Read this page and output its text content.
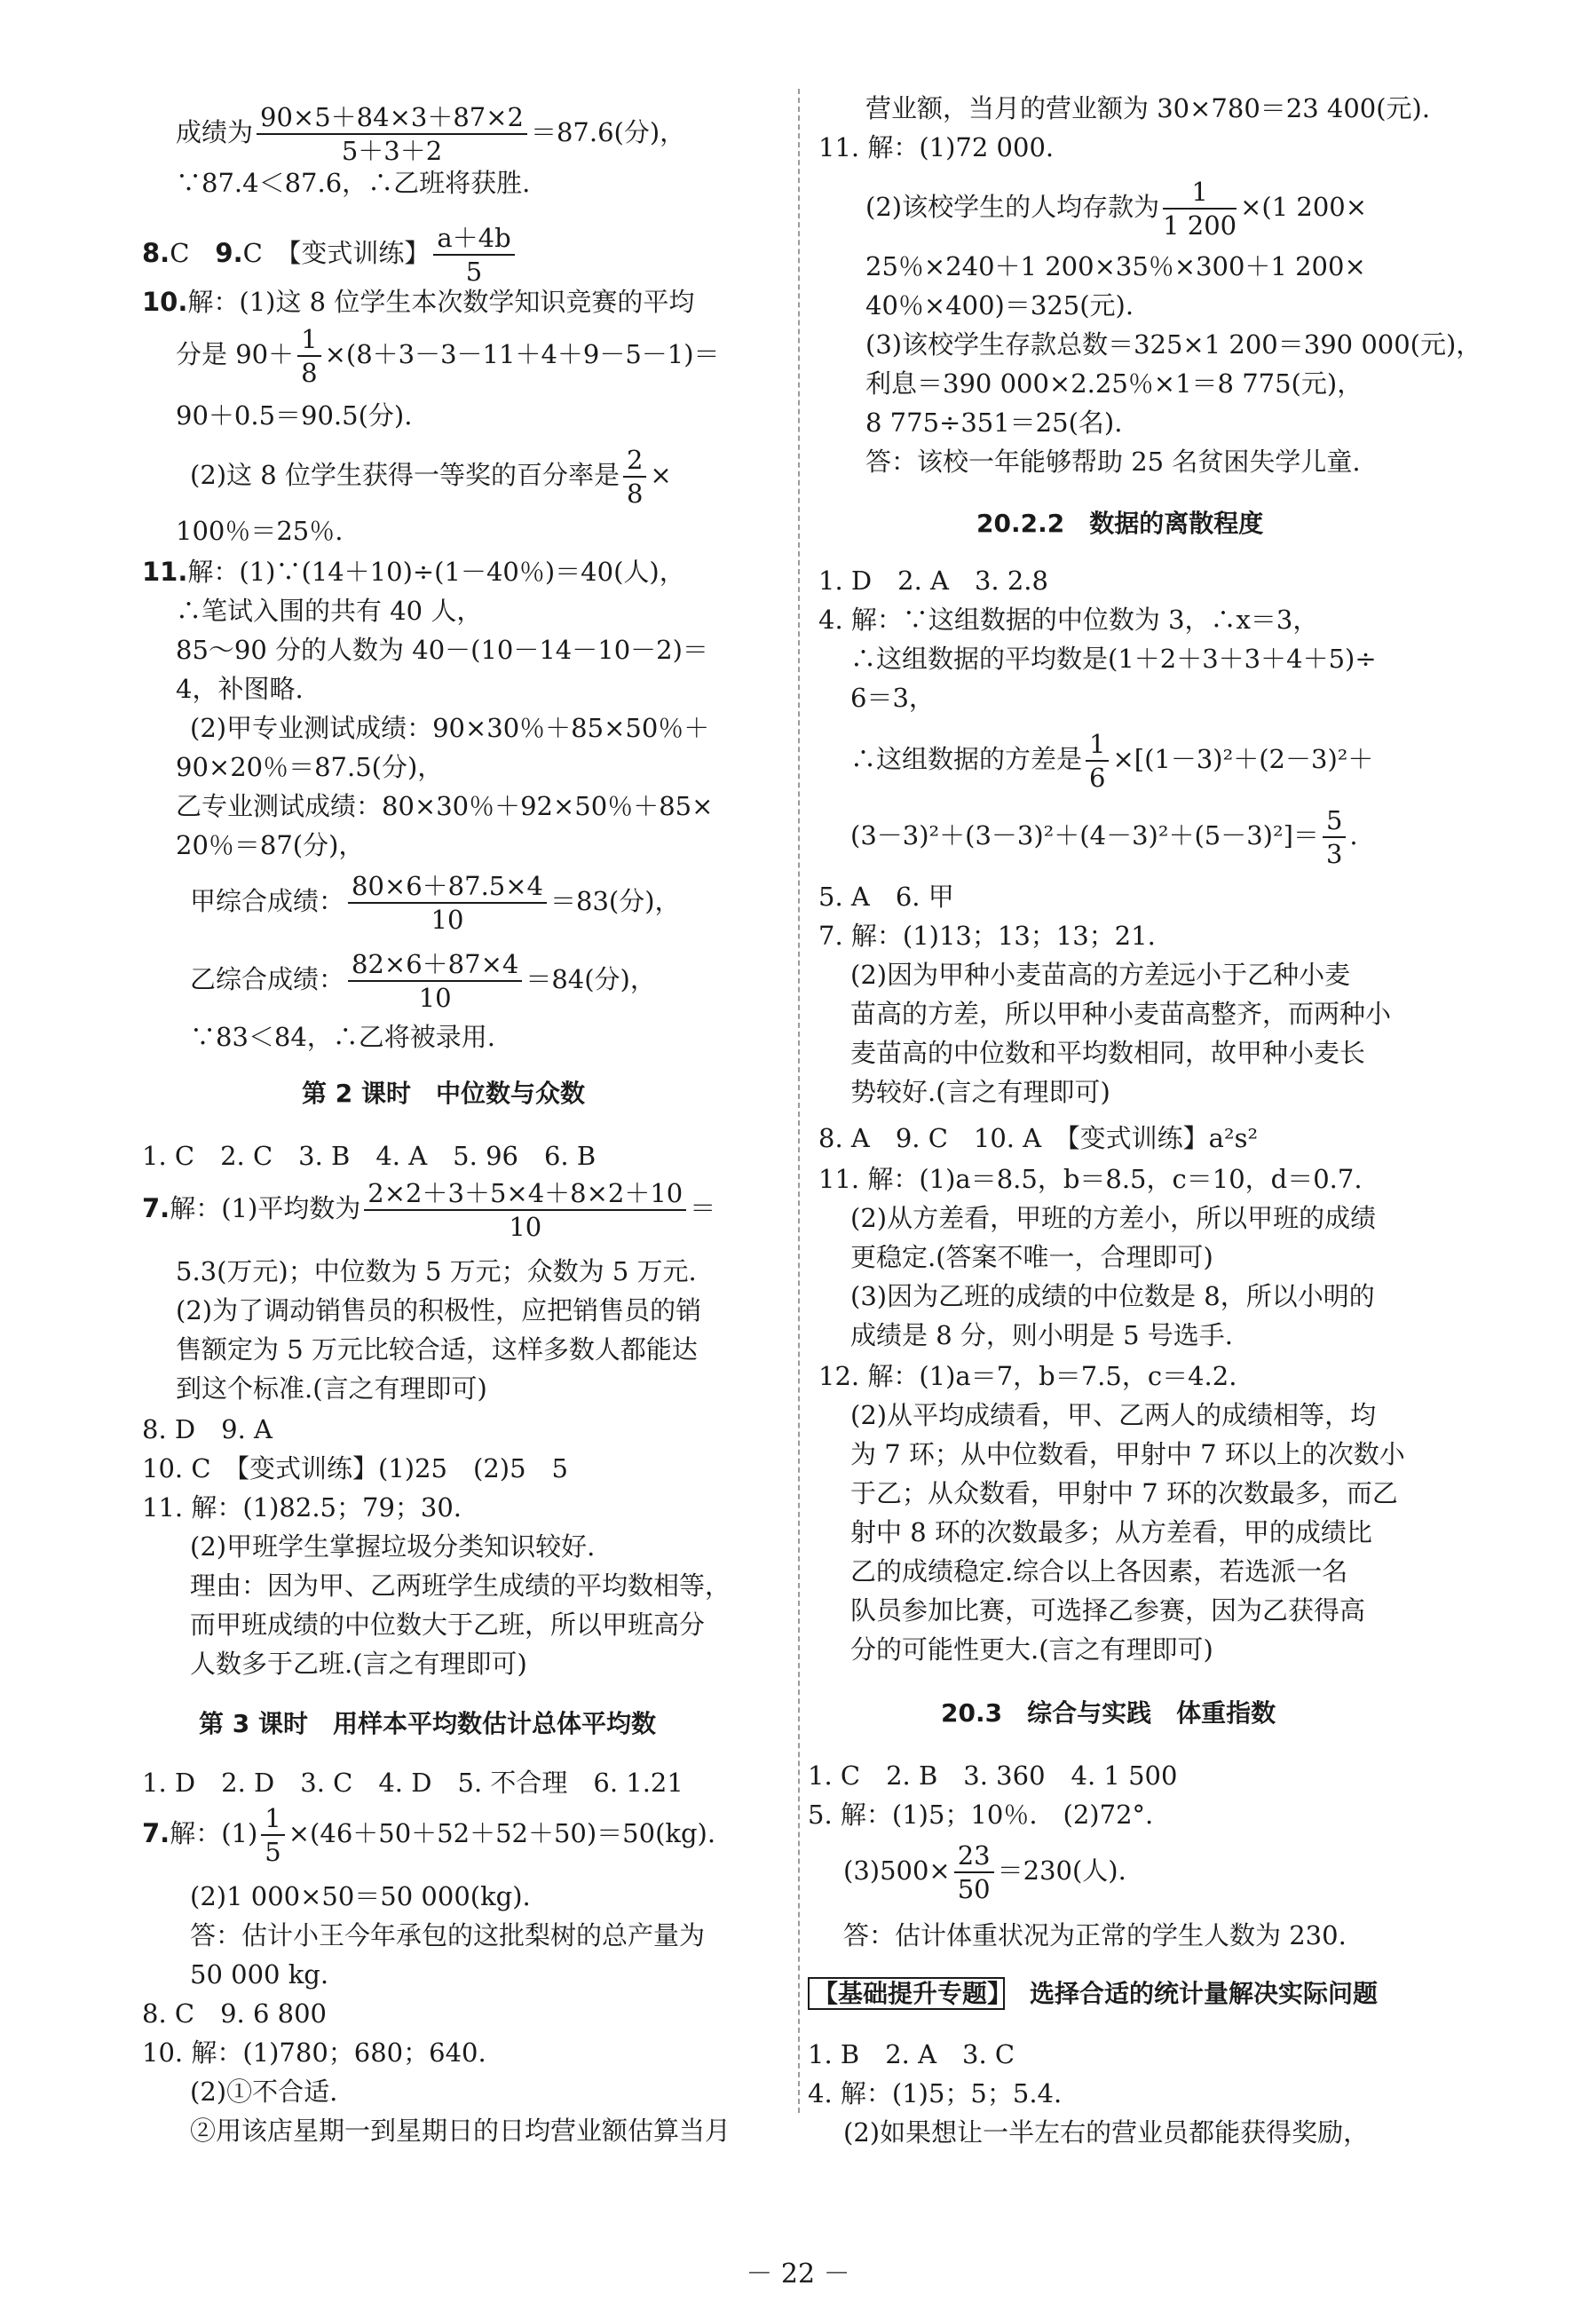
成绩为 $\frac{90\times 5+84\times 3+87\times 2}{5+3+2} =87.6$(分)，
∵87.4＜87.6，∴乙班将获胜.
8.C　 9.C　 【变式训练】 $\frac{a+4b}{5}$
10.解：(1)这 8 位学生本次数学知识竞赛的平均
分是 $90+ \frac{1}{8} \times(8+3-3-11+4+9-5-1)=$
90＋0.5＝90.5(分).
(2)这 8 位学生获得一等奖的百分率是 $\frac{2}{8}$ ×
100％＝25％.
11.解：(1)∵(14＋10)÷(1－40％)＝40(人)，
∴笔试入围的共有 40 人，
85～90 分的人数为 40－(10－14－10－2)＝
4，补图略.
(2)甲专业测试成绩：90×30％＋85×50％＋
90×20％＝87.5(分)，
乙专业测试成绩：80×30％＋92×50％＋85×
20％＝87(分)，
甲综合成绩： $\frac{80\times 6+87.5\times 4}{10} =83$(分)，
乙综合成绩： $\frac{82\times 6+87\times 4}{10} =84$(分)，
∵83＜84，∴乙将被录用.
第 2 课时　中位数与众数
1. C　2. C　3. B　4. A　5. 96　6. B
7.解：(1)平均数为 $\frac{2\times 2+3+5\times 4+8\times 2+10}{10}$ ＝
5.3(万元)；中位数为 5 万元；众数为 5 万元.
(2)为了调动销售员的积极性，应把销售员的销
售额定为 5 万元比较合适，这样多数人都能达
到这个标准.(言之有理即可)
8. D　9. A
10. C　【变式训练】(1)25　(2)5　5
11. 解：(1)82.5；79；30.
(2)甲班学生掌握垃圾分类知识较好.
理由：因为甲、乙两班学生成绩的平均数相等，
而甲班成绩的中位数大于乙班，所以甲班高分
人数多于乙班.(言之有理即可)
第 3 课时　用样本平均数估计总体平均数
1. D　2. D　3. C　4. D　5. 不合理　6. 1.21
7.解：$(1) \frac{1}{5} \times(46+50+52+52+50)=50(kg)$.
(2)1 000×50＝50 000(kg).
答：估计小王今年承包的这批梨树的总产量为
50 000 kg.
8. C　9. 6 800
10. 解：(1)780；680；640.
(2)①不合适.
②用该店星期一到星期日的日均营业额估算当月
营业额，当月的营业额为 30×780＝23 400(元).
11. 解：(1)72 000.
(2)该校学生的人均存款为 $\frac{1}{1 200} \times(1$ 200×
25％×240＋1 200×35％×300＋1 200×
40％×400)＝325(元).
(3)该校学生存款总数＝325×1 200＝390 000(元)，
利息＝390 000×2.25％×1＝8 775(元)，
8 775÷351＝25(名).
答：该校一年能够帮助 25 名贫困失学儿童.
20.2.2　数据的离散程度
1. D　2. A　3. 2.8
4. 解：∵这组数据的中位数为 3，∴x＝3，
∴这组数据的平均数是(1＋2＋3＋3＋4＋5)÷
6＝3，
∴这组数据的方差是 $\frac{1}{6} \times[(1-3)^2+(2-3)^2+$
$(3-3)^2+(3-3)^2+(4-3)^2+(5-3)^2]= \frac{5}{3}$ .
5. A　6. 甲
7. 解：(1)13；13；13；21.
(2)因为甲种小麦苗高的方差远小于乙种小麦
苗高的方差，所以甲种小麦苗高整齐，而两种小
麦苗高的中位数和平均数相同，故甲种小麦长
势较好.(言之有理即可)
8. A　9. C　10. A　【变式训练】a²s²
11. 解：(1)a＝8.5，b＝8.5，c＝10，d＝0.7.
(2)从方差看，甲班的方差小，所以甲班的成绩
更稳定.(答案不唯一，合理即可)
(3)因为乙班的成绩的中位数是 8，所以小明的
成绩是 8 分，则小明是 5 号选手.
12. 解：(1)a＝7，b＝7.5，c＝4.2.
(2)从平均成绩看，甲、乙两人的成绩相等，均
为 7 环；从中位数看，甲射中 7 环以上的次数小
于乙；从众数看，甲射中 7 环的次数最多，而乙
射中 8 环的次数最多；从方差看，甲的成绩比
乙的成绩稳定.综合以上各因素，若选派一名
队员参加比赛，可选择乙参赛，因为乙获得高
分的可能性更大.(言之有理即可)
20.3　综合与实践　体重指数
1. C　2. B　3. 360　4. 1 500
5. 解：(1)5；10％.　(2)72°.
$(3)500\times \frac{23}{50} =230$(人).
答：估计体重状况为正常的学生人数为 230.
【基础提升专题】　 选择合适的统计量解决实际问题
1. B　2. A　3. C
4. 解：(1)5；5；5.4.
(2)如果想让一半左右的营业员都能获得奖励，
－ 22 －
